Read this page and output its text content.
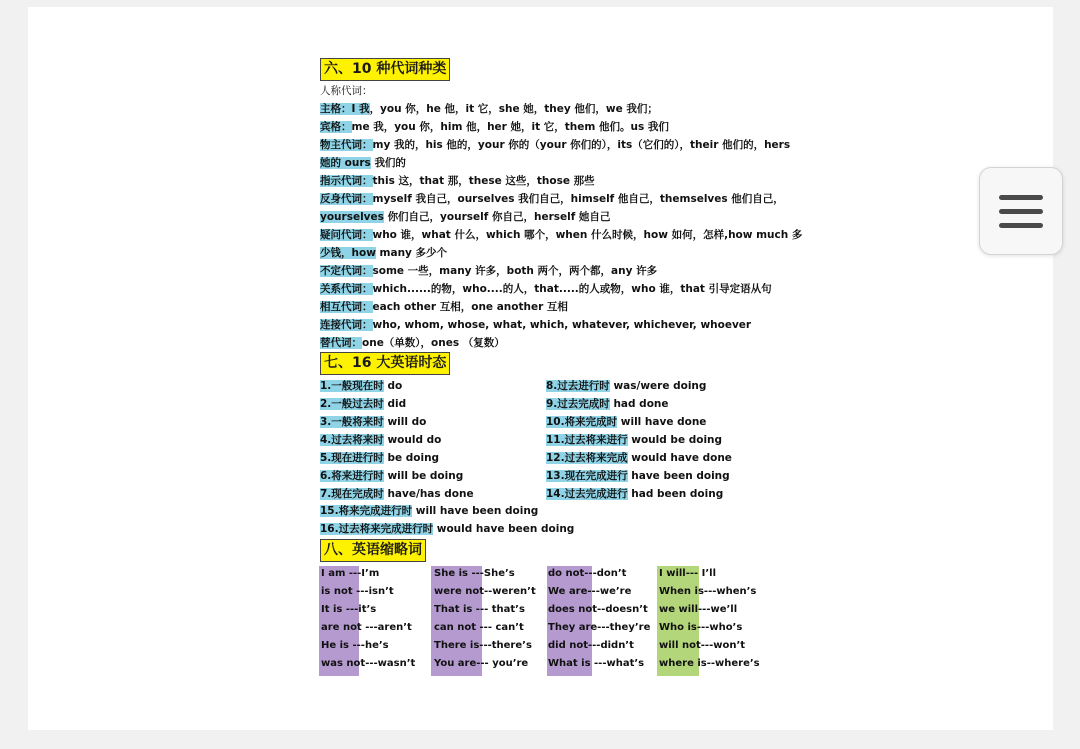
六、10 种代词种类
人称代词：
主格：I 我，you 你，he 他，it 它，she 她，they 他们，we 我们；
宾格：me 我，you 你，him 他，her 她，it 它，them 他们。us 我们
物主代词：my 我的，his 他的，your 你的（your 你们的），its（它们的），their 他们的，hers
她的 ours 我们的
指示代词：this 这，that 那，these 这些，those 那些
反身代词：myself 我自己，ourselves 我们自己，himself 他自己，themselves 他们自己，
yourselves 你们自己，yourself 你自己，herself 她自己
疑问代词：who 谁，what 什么，which 哪个，when 什么时候，how 如何，怎样,how much 多
少钱，how many 多少个
不定代词：some 一些，many 许多，both 两个，两个都，any 许多
关系代词：which......的物，who....的人，that.....的人或物，who 谁，that 引导定语从句
相互代词：each other 互相，one another 互相
连接代词：who, whom, whose, what, which, whatever, whichever, whoever
替代词：one（单数），ones （复数）
七、16 大英语时态
1.一般现在时 do
2.一般过去时 did
3.一般将来时 will do
4.过去将来时 would do
5.现在进行时 be doing
6.将来进行时 will be doing
7.现在完成时 have/has done
8.过去进行时 was/were doing
9.过去完成时 had done
10.将来完成时 will have done
11.过去将来进行 would be doing
12.过去将来完成 would have done
13.现在完成进行 have been doing
14.过去完成进行 had been doing
15.将来完成进行时 will have been doing
16.过去将来完成进行时 would have been doing
八、英语缩略词
I am ---I’m
is not ---isn’t
It is ---it’s
are not ---aren’t
He is ---he’s
was not---wasn’t
She is ---She’s
were not--weren’t
That is --- that’s
can not --- can’t
There is---there’s
You are--- you’re
do not---don’t
We are---we’re
does not--doesn’t
They are---they’re
did not---didn’t
What is ---what’s
I will--- I’ll
When is---when’s
we will---we’ll
Who is---who’s
will not---won’t
where is--where’s
